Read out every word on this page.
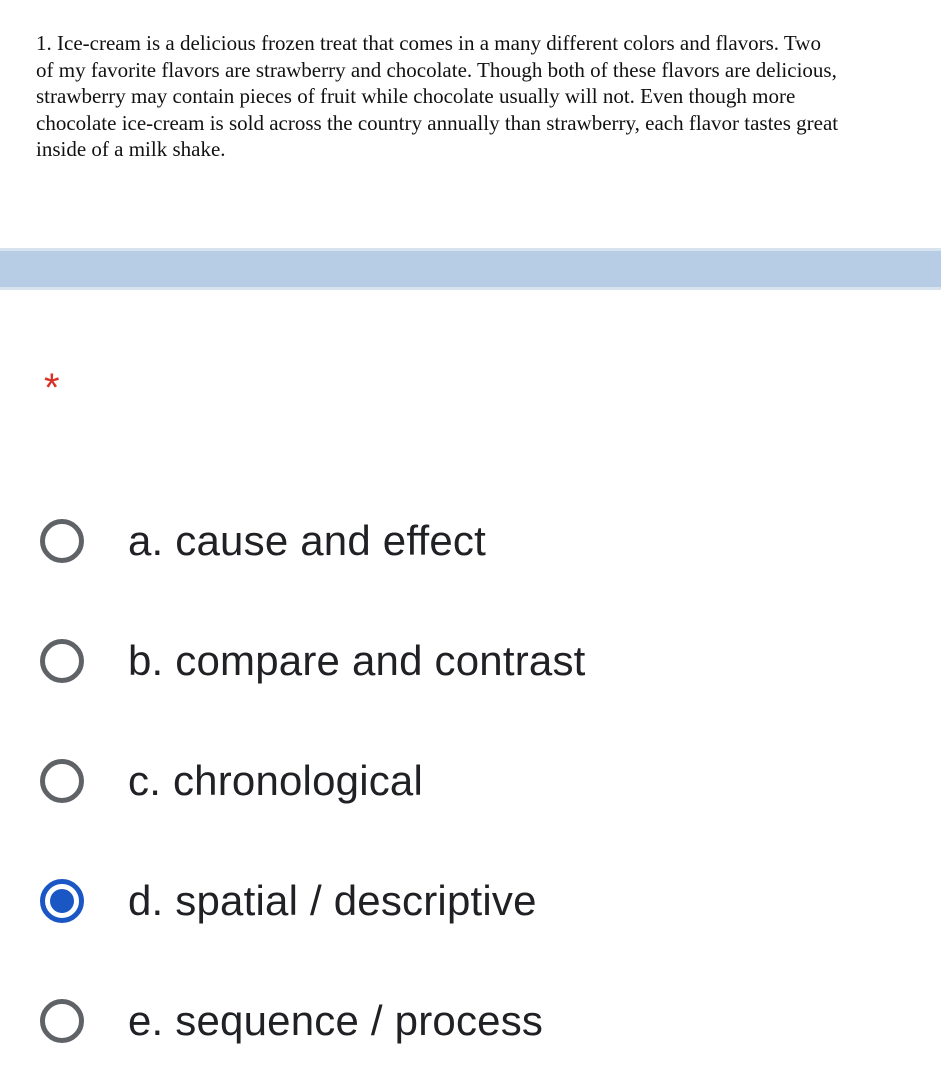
1. Ice-cream is a delicious frozen treat that comes in a many different colors and flavors. Two
of my favorite flavors are strawberry and chocolate. Though both of these flavors are delicious,
strawberry may contain pieces of fruit while chocolate usually will not. Even though more
chocolate ice-cream is sold across the country annually than strawberry, each flavor tastes great
inside of a milk shake.
*
a. cause and effect
b. compare and contrast
c. chronological
d. spatial / descriptive
e. sequence / process
